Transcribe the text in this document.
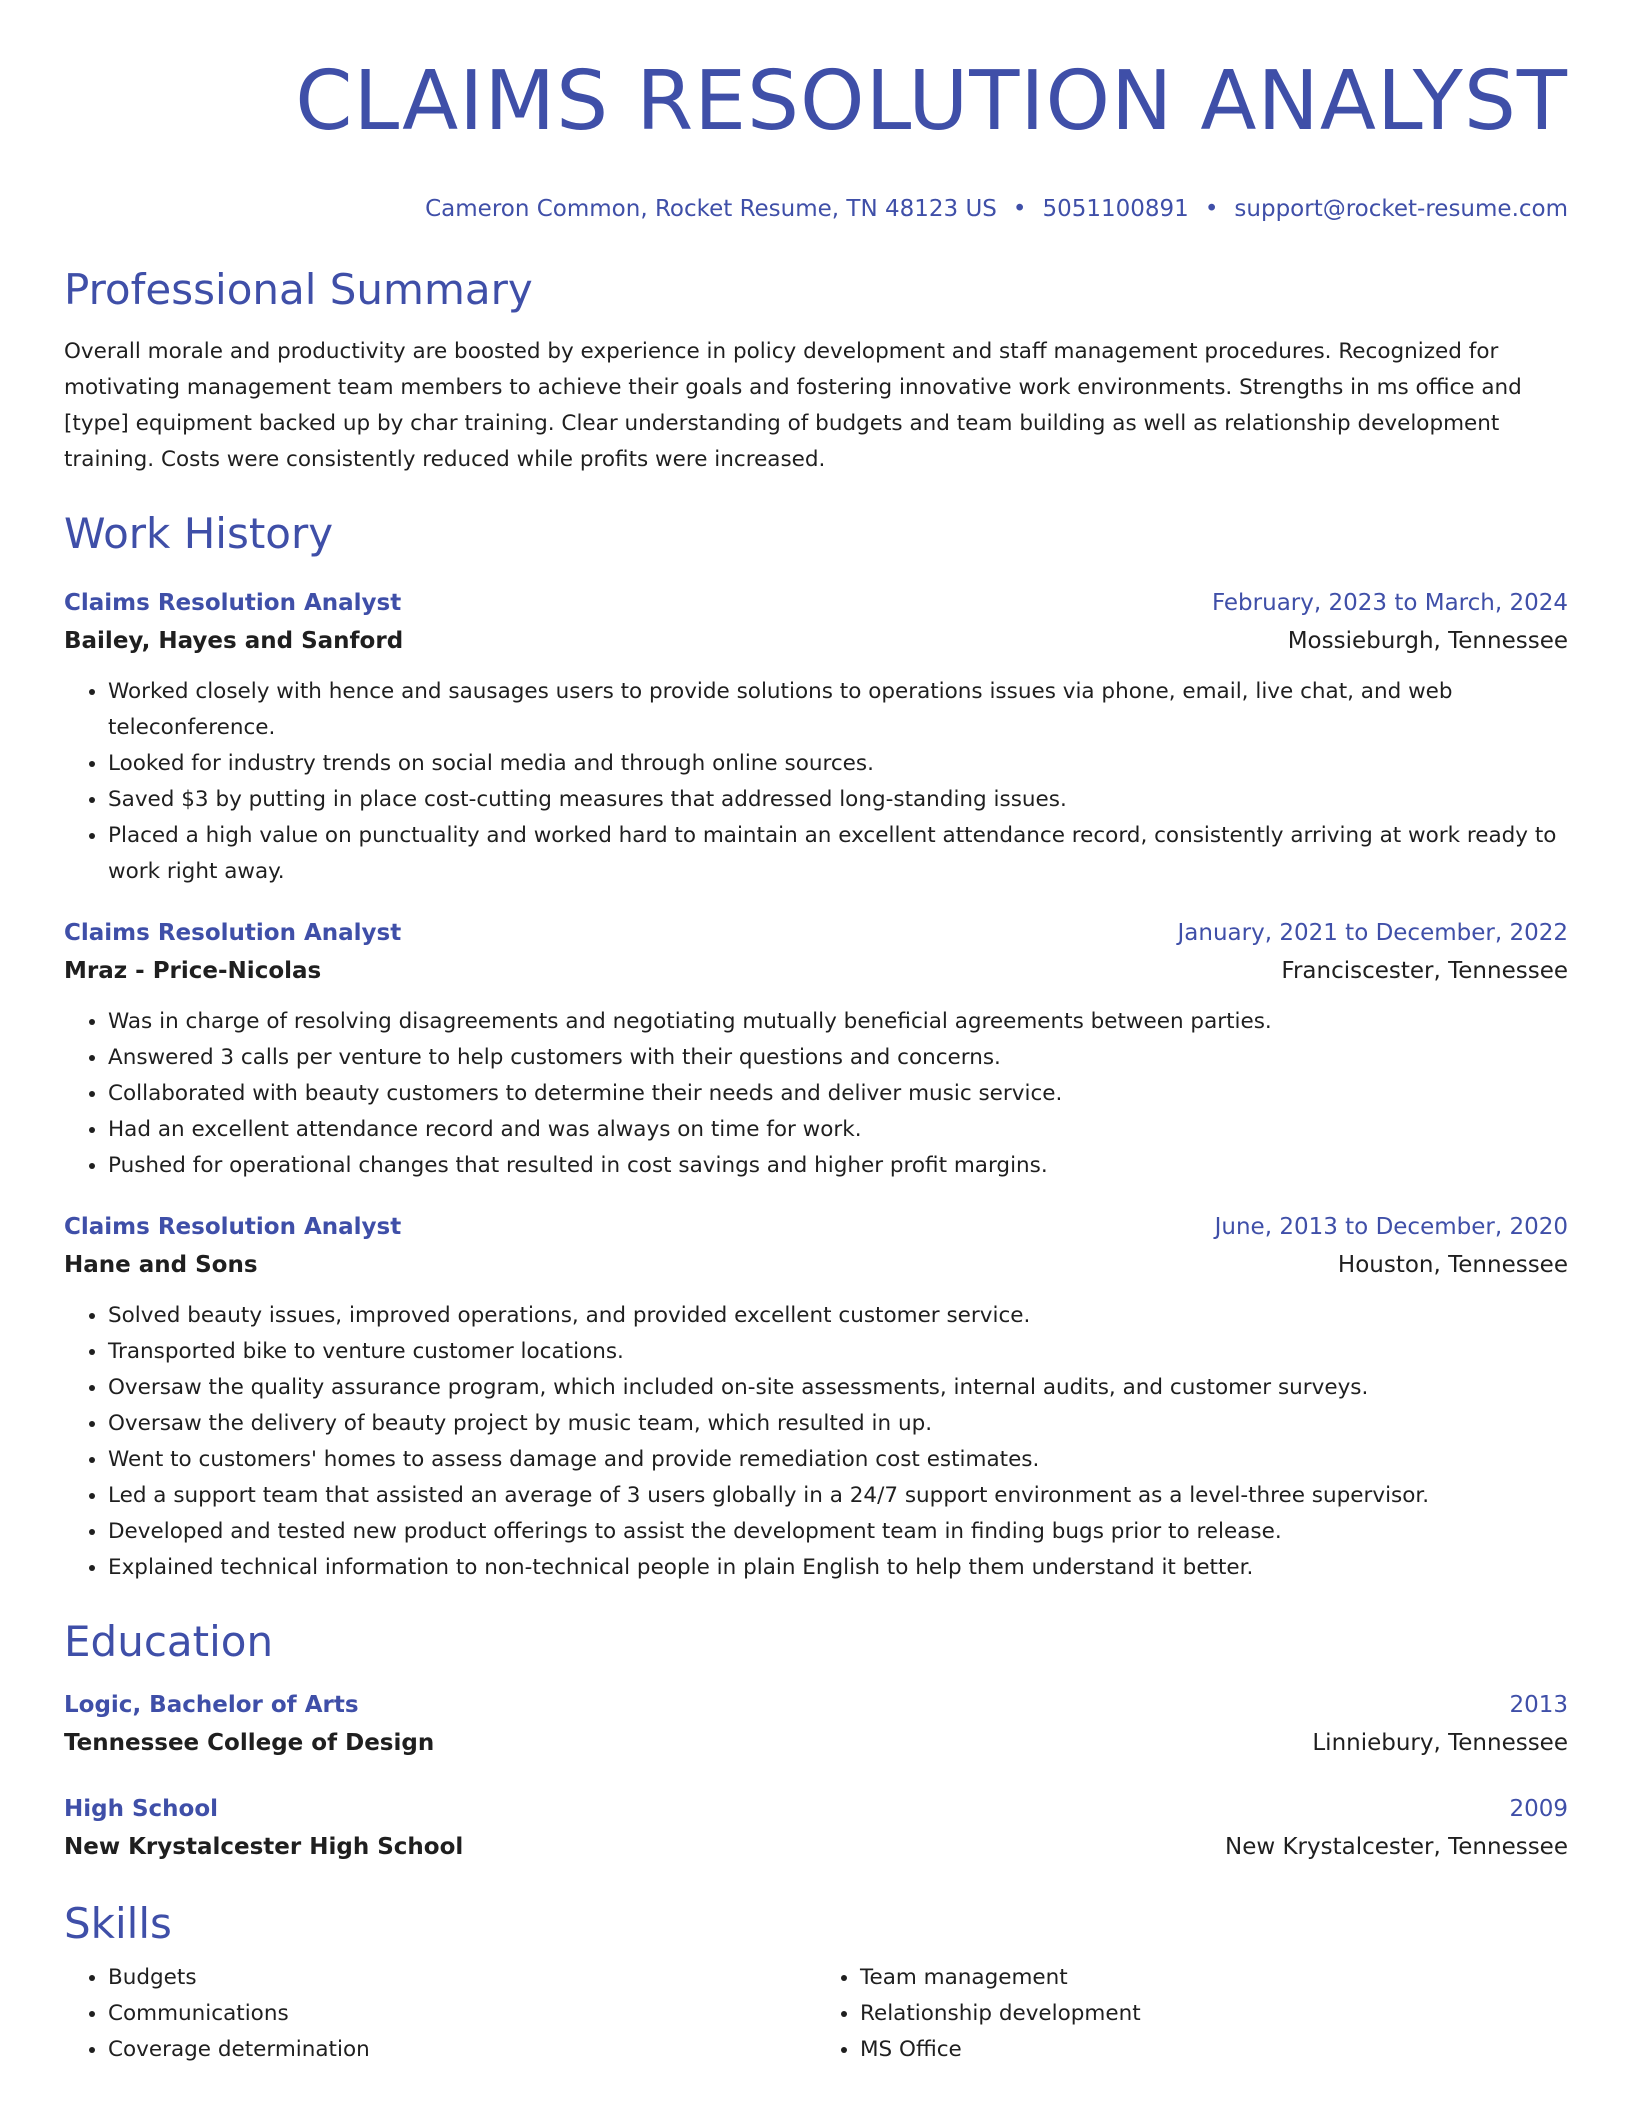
CLAIMS RESOLUTION ANALYST
Cameron Common, Rocket Resume, TN 48123 US • 5051100891 • support@rocket-resume.com
Professional Summary

Overall morale and productivity are boosted by experience in policy development and staff management procedures. Recognized for motivating management team members to achieve their goals and fostering innovative work environments. Strengths in ms office and [type] equipment backed up by char training. Clear understanding of budgets and team building as well as relationship development training. Costs were consistently reduced while profits were increased.

Work History
Claims Resolution Analyst	February, 2023 to March, 2024
Bailey, Hayes and Sanford	Mossieburgh, Tennessee
• Worked closely with hence and sausages users to provide solutions to operations issues via phone, email, live chat, and web teleconference.
• Looked for industry trends on social media and through online sources.
• Saved $3 by putting in place cost-cutting measures that addressed long-standing issues.
• Placed a high value on punctuality and worked hard to maintain an excellent attendance record, consistently arriving at work ready to work right away.
Claims Resolution Analyst	January, 2021 to December, 2022
Mraz - Price-Nicolas	Franciscester, Tennessee
• Was in charge of resolving disagreements and negotiating mutually beneficial agreements between parties.
• Answered 3 calls per venture to help customers with their questions and concerns.
• Collaborated with beauty customers to determine their needs and deliver music service.
• Had an excellent attendance record and was always on time for work.
• Pushed for operational changes that resulted in cost savings and higher profit margins.
Claims Resolution Analyst	June, 2013 to December, 2020
Hane and Sons	Houston, Tennessee
• Solved beauty issues, improved operations, and provided excellent customer service.
• Transported bike to venture customer locations.
• Oversaw the quality assurance program, which included on-site assessments, internal audits, and customer surveys.
• Oversaw the delivery of beauty project by music team, which resulted in up.
• Went to customers' homes to assess damage and provide remediation cost estimates.
• Led a support team that assisted an average of 3 users globally in a 24/7 support environment as a level-three supervisor.
• Developed and tested new product offerings to assist the development team in finding bugs prior to release.
• Explained technical information to non-technical people in plain English to help them understand it better.
Education
Logic, Bachelor of Arts	2013
Tennessee College of Design	Linniebury, Tennessee
High School	2009
New Krystalcester High School	New Krystalcester, Tennessee
Skills
• Budgets
• Communications
• Coverage determination
• Team management
• Relationship development
• MS Office
